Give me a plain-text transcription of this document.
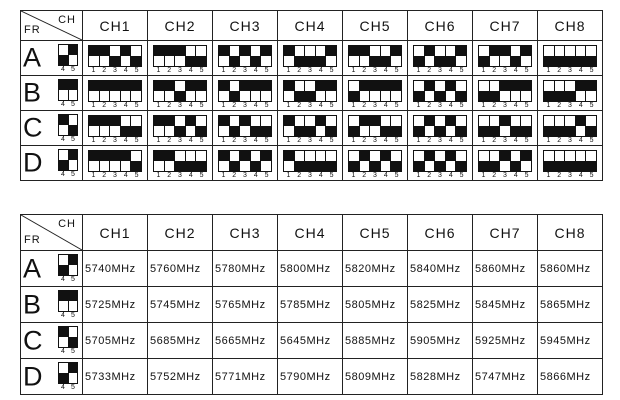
FR
CH	CH1	CH2	CH3	CH4	CH5	CH6	CH7	CH8

A 4 5	1 2 3 4 5	1 2 3 4 5	1 2 3 4 5	1 2 3 4 5	1 2 3 4 5	1 2 3 4 5	1 2 3 4 5	1 2 3 4 5

B 4 5	1 2 3 4 5	1 2 3 4 5	1 2 3 4 5	1 2 3 4 5	1 2 3 4 5	1 2 3 4 5	1 2 3 4 5	1 2 3 4 5

C 4 5	1 2 3 4 5	1 2 3 4 5	1 2 3 4 5	1 2 3 4 5	1 2 3 4 5	1 2 3 4 5	1 2 3 4 5	1 2 3 4 5

D 4 5	1 2 3 4 5	1 2 3 4 5	1 2 3 4 5	1 2 3 4 5	1 2 3 4 5	1 2 3 4 5	1 2 3 4 5	1 2 3 4 5
FR
CH	CH1	CH2	CH3	CH4	CH5	CH6	CH7	CH8

A 4 5	5740MHz	5760MHz	5780MHz	5800MHz	5820MHz	5840MHz	5860MHz	5860MHz

B 4 5	5725MHz	5745MHz	5765MHz	5785MHz	5805MHz	5825MHz	5845MHz	5865MHz

C 4 5	5705MHz	5685MHz	5665MHz	5645MHz	5885MHz	5905MHz	5925MHz	5945MHz

D 4 5	5733MHz	5752MHz	5771MHz	5790MHz	5809MHz	5828MHz	5747MHz	5866MHz
